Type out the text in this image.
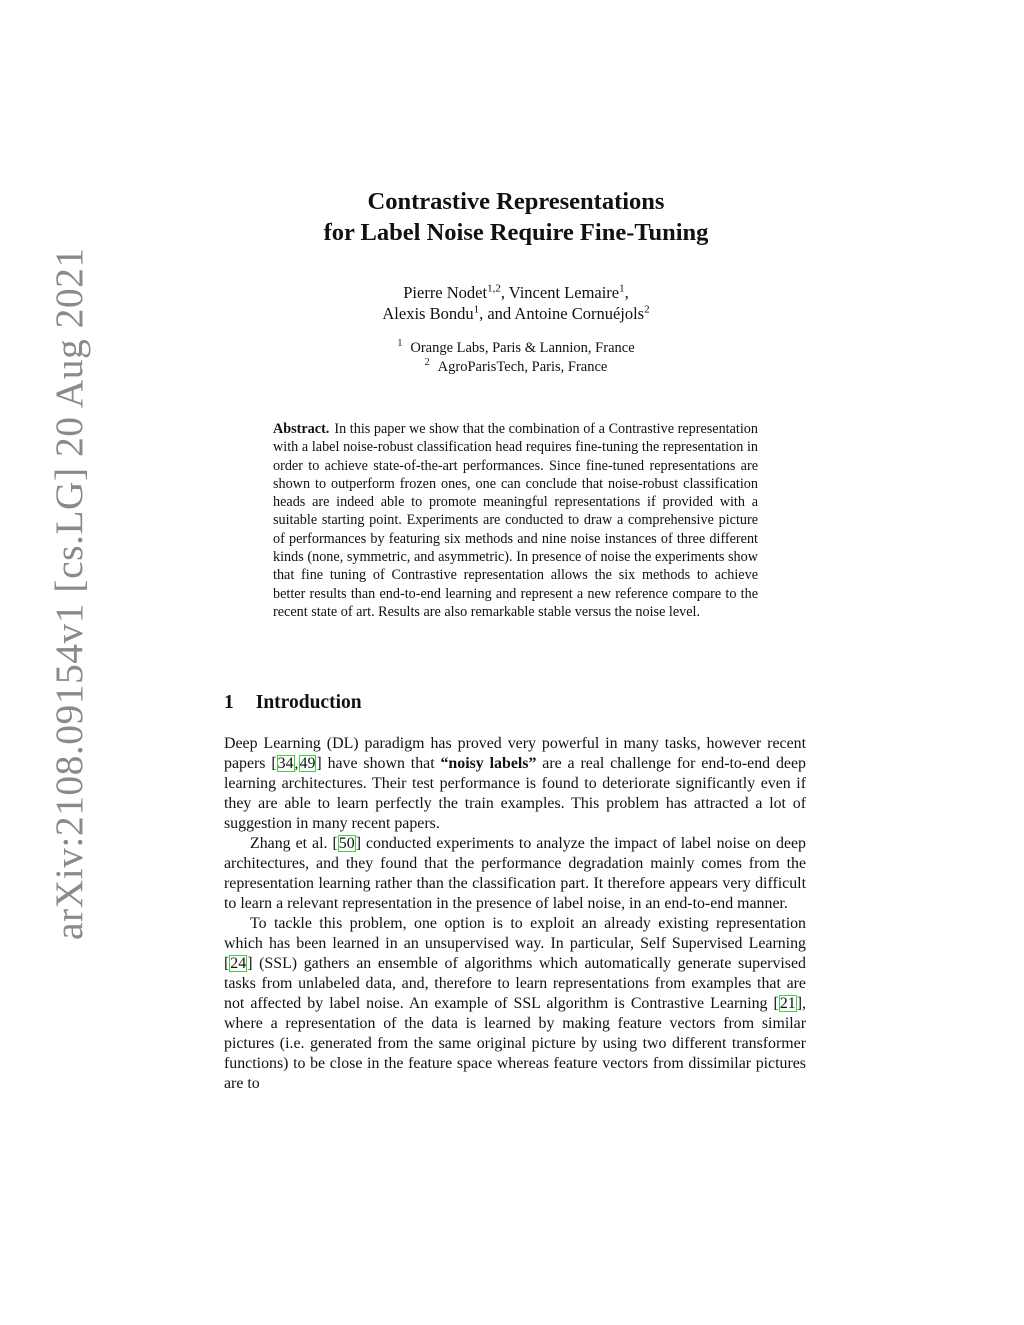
arXiv:2108.09154v1 [cs.LG] 20 Aug 2021
Contrastive Representations
for Label Noise Require Fine-Tuning
Pierre Nodet$^{1,2}$, Vincent Lemaire$^1$,
Alexis Bondu$^1$, and Antoine Cornuéjols$^2$
$^1$ Orange Labs, Paris & Lannion, France
$^2$ AgroParisTech, Paris, France
Abstract. In this paper we show that the combination of a Contrastive representation with a label noise-robust classification head requires fine-tuning the representation in order to achieve state-of-the-art performances. Since fine-tuned representations are shown to outperform frozen ones, one can conclude that noise-robust classification heads are indeed able to promote meaningful representations if provided with a suitable starting point. Experiments are conducted to draw a comprehensive picture of performances by featuring six methods and nine noise instances of three different kinds (none, symmetric, and asymmetric). In presence of noise the experiments show that fine tuning of Contrastive representation allows the six methods to achieve better results than end-to-end learning and represent a new reference compare to the recent state of art. Results are also remarkable stable versus the noise level.
1 Introduction

Deep Learning (DL) paradigm has proved very powerful in many tasks, however recent papers [34,49] have shown that “noisy labels” are a real challenge for end-to-end deep learning architectures. Their test performance is found to deteriorate significantly even if they are able to learn perfectly the train examples. This problem has attracted a lot of suggestion in many recent papers.

Zhang et al. [50] conducted experiments to analyze the impact of label noise on deep architectures, and they found that the performance degradation mainly comes from the representation learning rather than the classification part. It therefore appears very difficult to learn a relevant representation in the presence of label noise, in an end-to-end manner.

To tackle this problem, one option is to exploit an already existing representation which has been learned in an unsupervised way. In particular, Self Supervised Learning [24] (SSL) gathers an ensemble of algorithms which automatically generate supervised tasks from unlabeled data, and, therefore to learn representations from examples that are not affected by label noise. An example of SSL algorithm is Contrastive Learning [21], where a representation of the data is learned by making feature vectors from similar pictures (i.e. generated from the same original picture by using two different transformer functions) to be close in the feature space whereas feature vectors from dissimilar pictures are to
